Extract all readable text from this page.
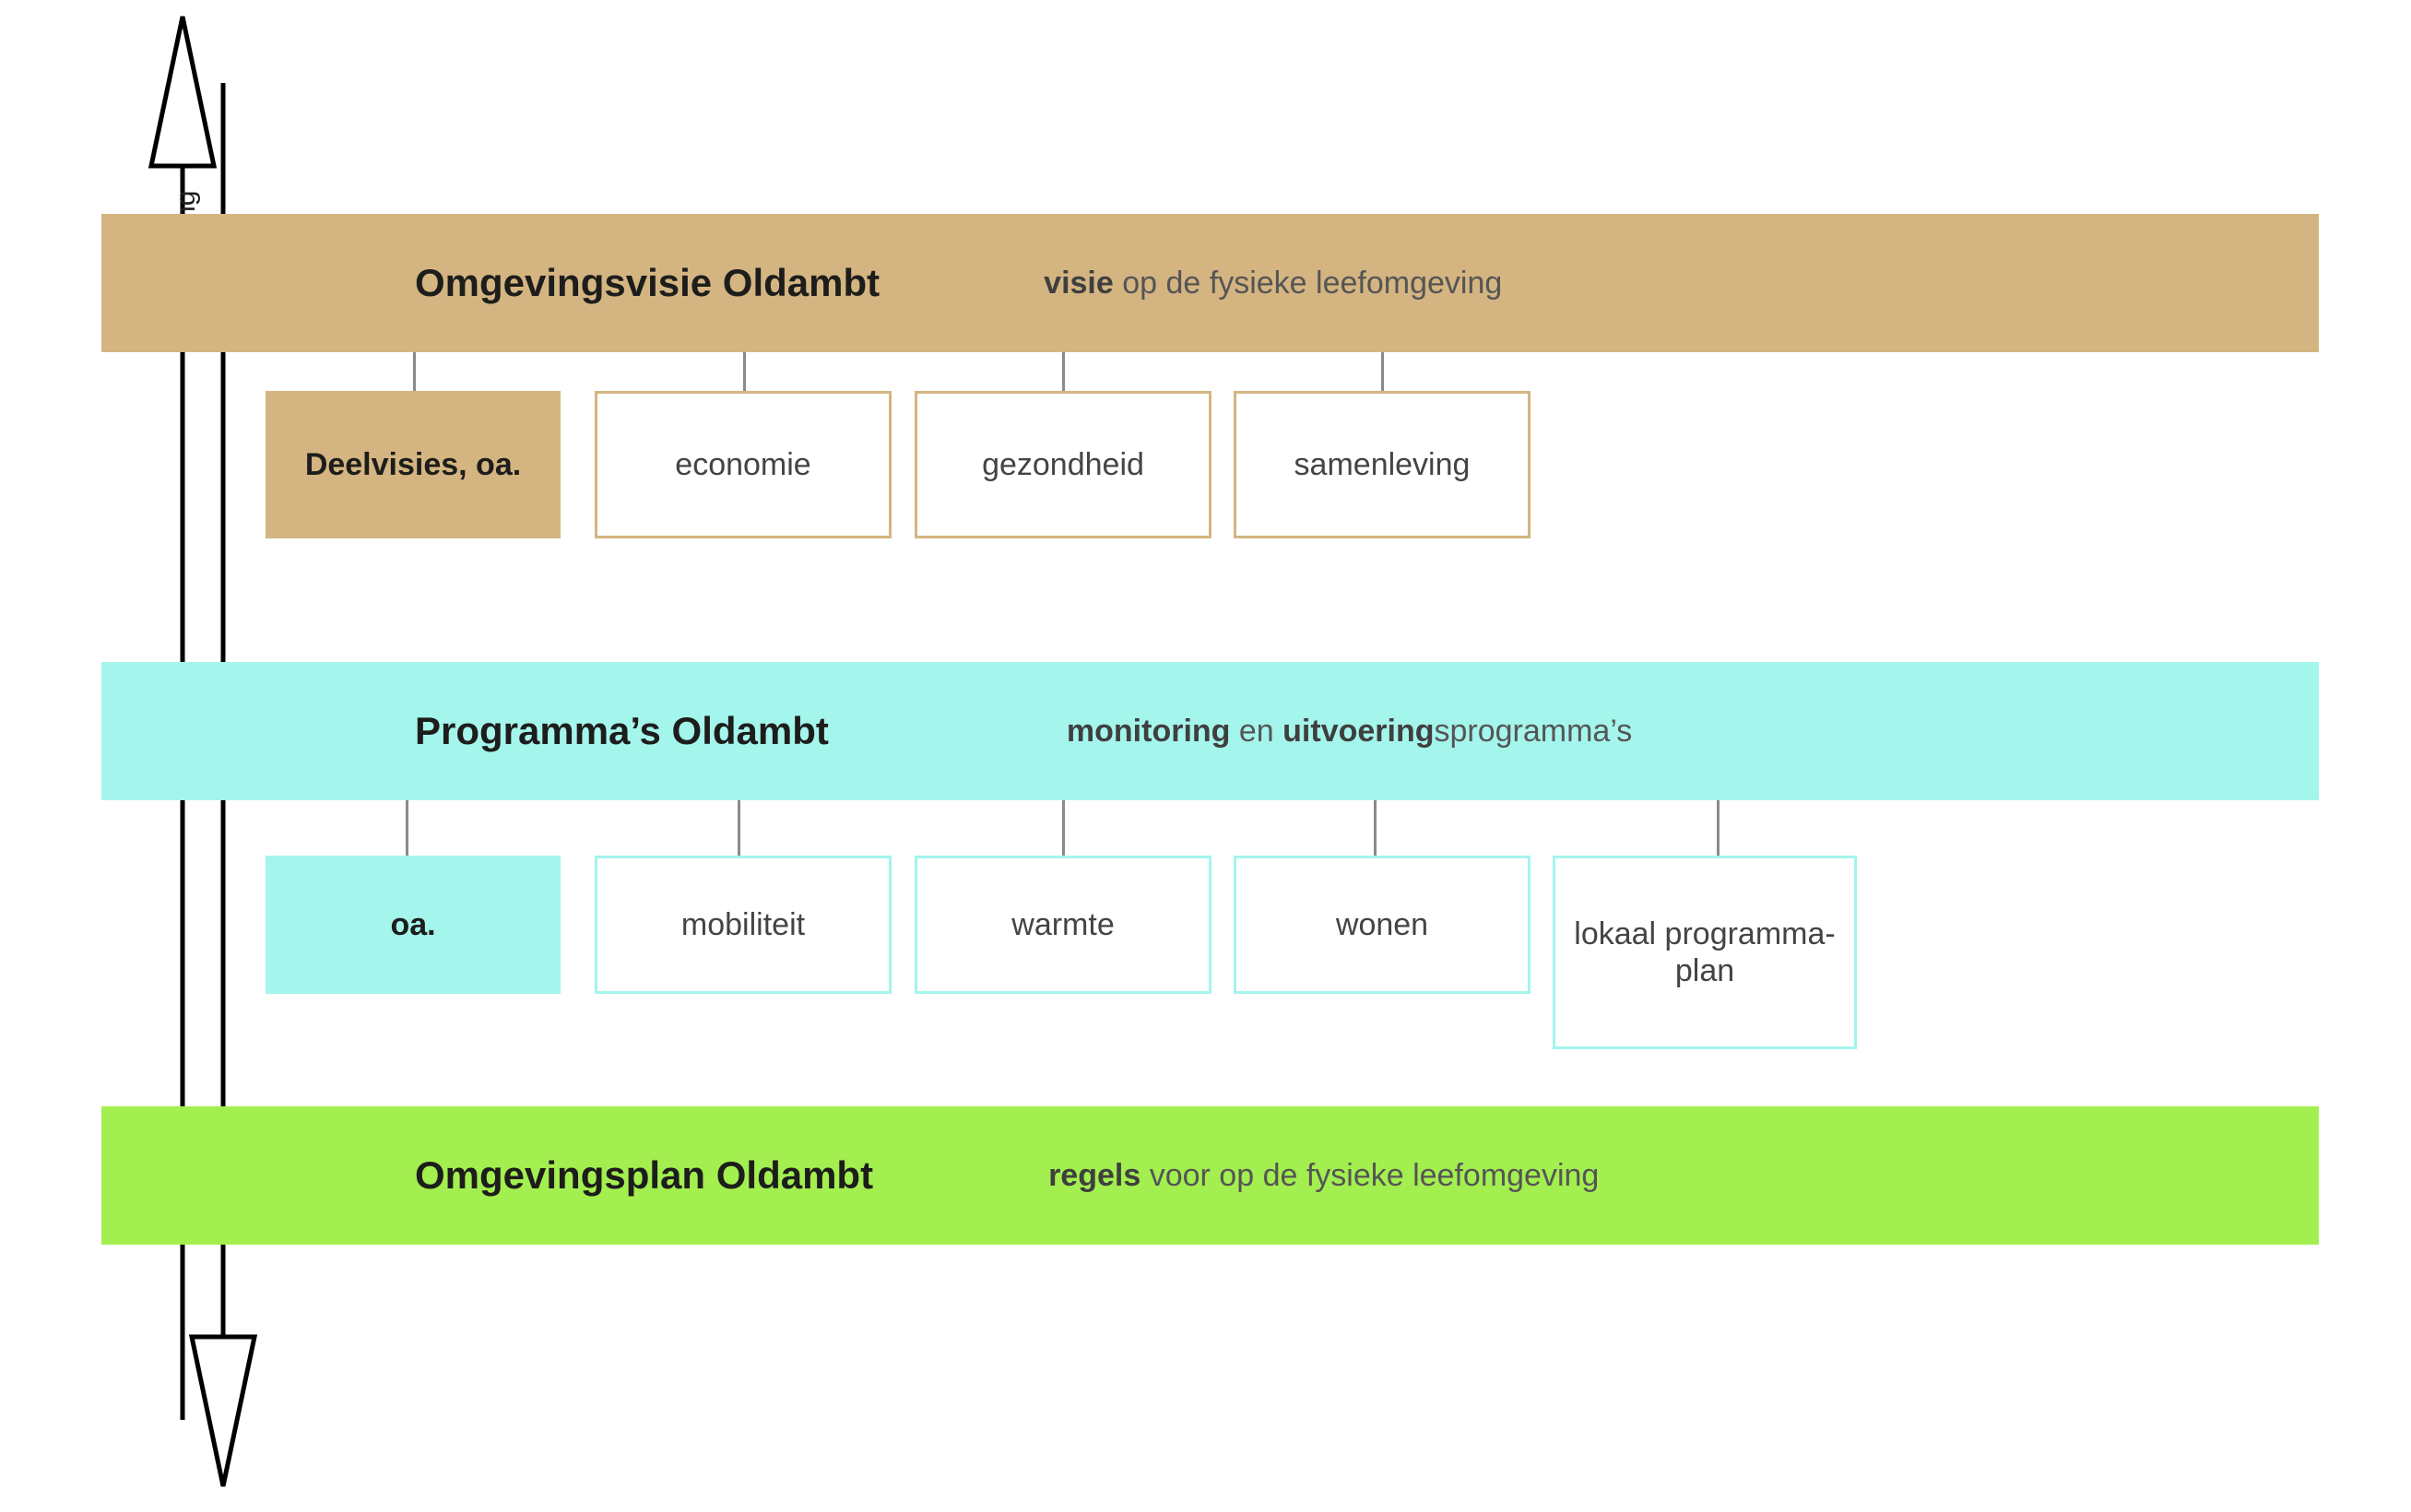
Omgevingsvisie Oldambt	visie op de fysieke leefomgeving
Deelvisies, oa.	economie	gezondheid	samenleving
Programma’s Oldambt	monitoring en uitvoeringsprogramma’s
oa.	mobiliteit	warmte	wonen	lokaal programma-plan
Omgevingsplan Oldambt	regels voor op de fysieke leefomgeving
